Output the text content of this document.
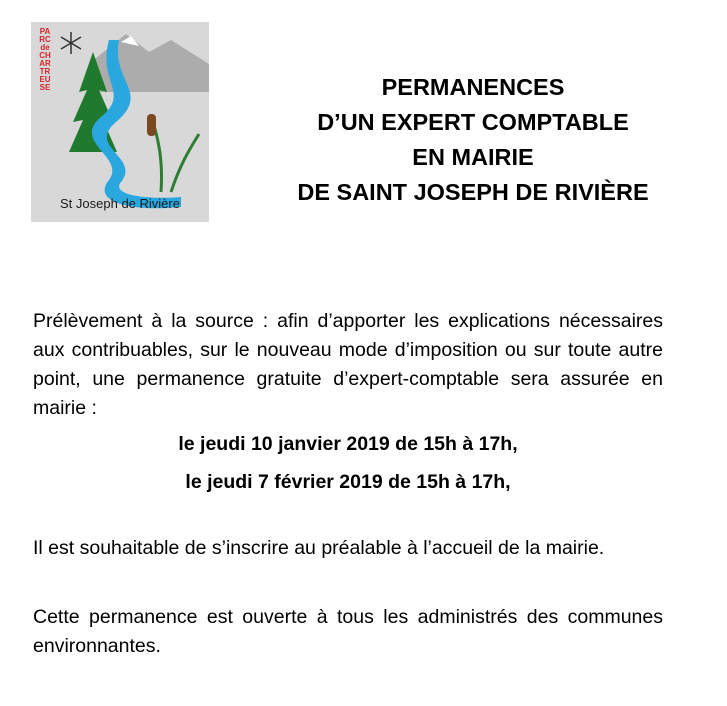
PARC de CHARTREUSE
St Joseph de Rivière
PERMANENCES
D’UN EXPERT COMPTABLE
EN MAIRIE
DE SAINT JOSEPH DE RIVIÈRE

Prélèvement à la source : afin d’apporter les explications nécessaires aux contribuables, sur le nouveau mode d’imposition ou sur toute autre point, une permanence gratuite d’expert-comptable sera assurée en mairie :

le jeudi 10 janvier 2019 de 15h à 17h,
le jeudi 7 février 2019 de 15h à 17h,

Il est souhaitable de s’inscrire au préalable à l’accueil de la mairie.

Cette permanence est ouverte à tous les administrés des communes environnantes.
